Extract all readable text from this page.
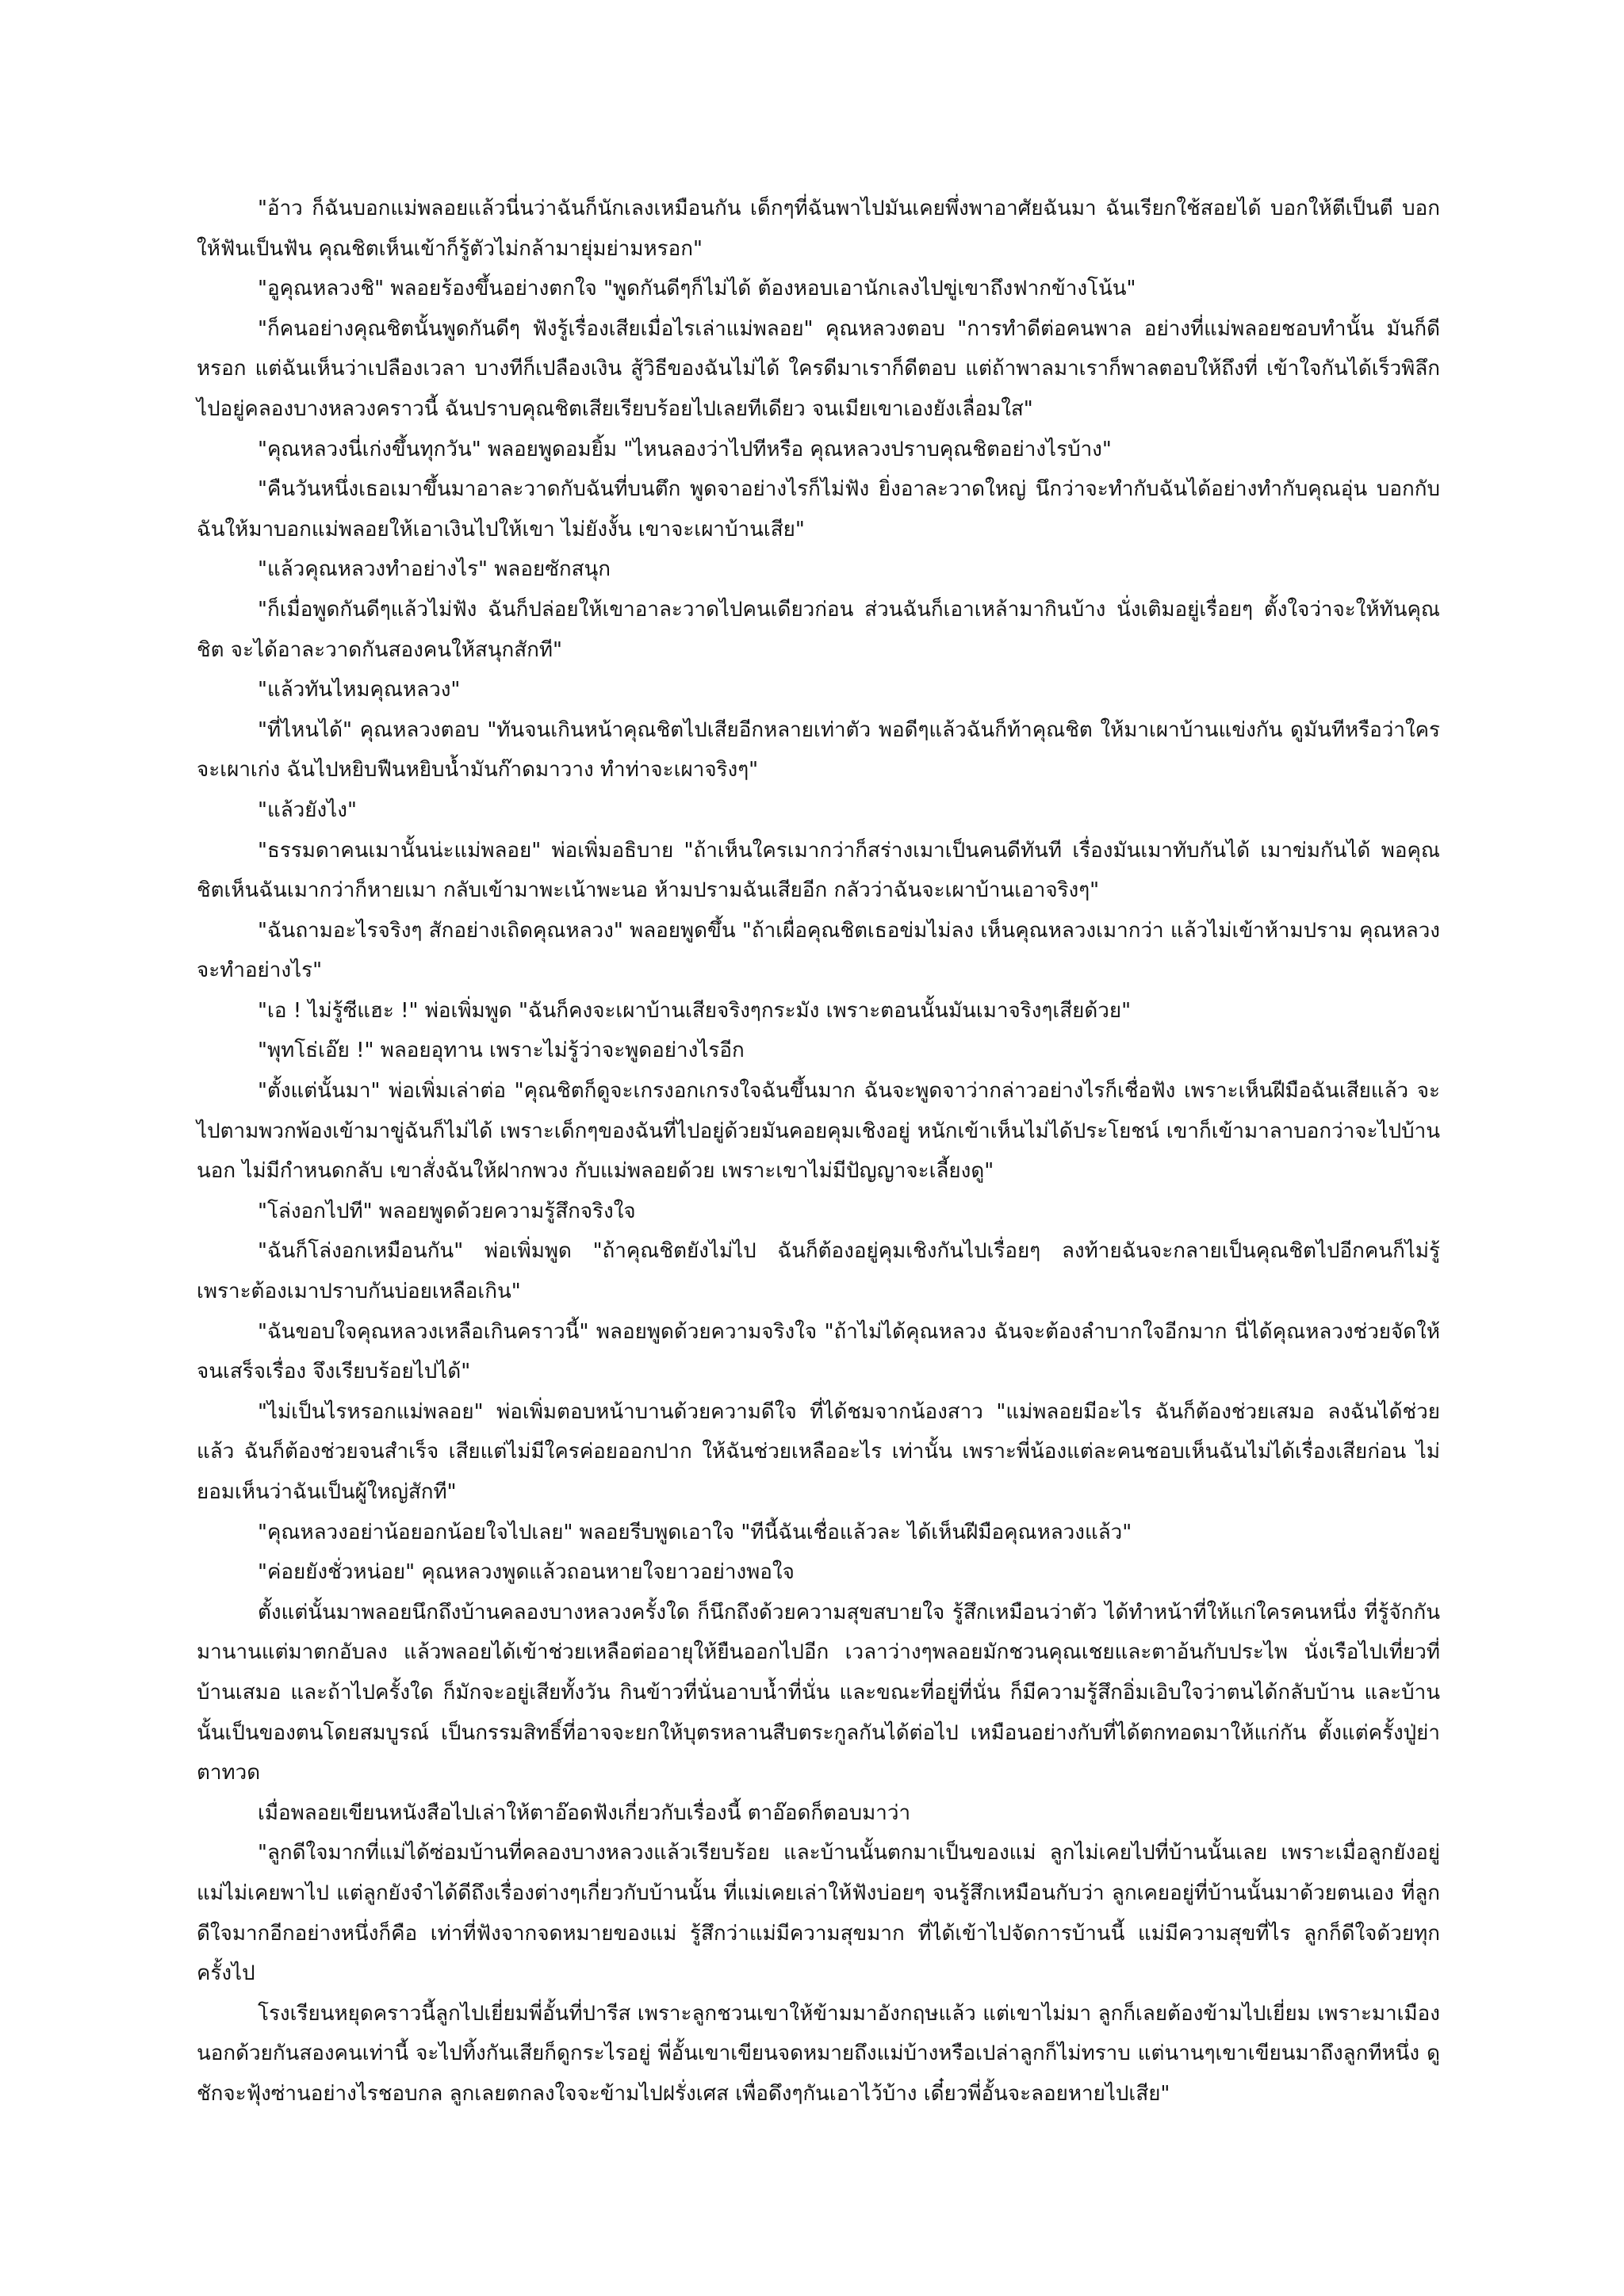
"อ้าว ก็ฉันบอกแม่พลอยแล้วนี่นว่าฉันก็นักเลงเหมือนกัน เด็กๆที่ฉันพาไปมันเคยพึ่งพาอาศัยฉันมา ฉันเรียกใช้สอยได้ บอกให้ตีเป็นตี บอกให้ฟันเป็นฟัน คุณชิตเห็นเข้าก็รู้ตัวไม่กล้ามายุ่มย่ามหรอก"

"อูคุณหลวงชิ" พลอยร้องขึ้นอย่างตกใจ "พูดกันดีๆก็ไม่ได้ ต้องหอบเอานักเลงไปขู่เขาถึงฟากข้างโน้น"

"ก็คนอย่างคุณชิตนั้นพูดกันดีๆ ฟังรู้เรื่องเสียเมื่อไรเล่าแม่พลอย" คุณหลวงตอบ "การทำดีต่อคนพาล อย่างที่แม่พลอยชอบทำนั้น มันก็ดีหรอก แต่ฉันเห็นว่าเปลืองเวลา บางทีก็เปลืองเงิน สู้วิธีของฉันไม่ได้ ใครดีมาเราก็ดีตอบ แต่ถ้าพาลมาเราก็พาลตอบให้ถึงที่ เข้าใจกันได้เร็วพิลึก ไปอยู่คลองบางหลวงคราวนี้ ฉันปราบคุณชิตเสียเรียบร้อยไปเลยทีเดียว จนเมียเขาเองยังเลื่อมใส"

"คุณหลวงนี่เก่งขึ้นทุกวัน" พลอยพูดอมยิ้ม "ไหนลองว่าไปทีหรือ คุณหลวงปราบคุณชิตอย่างไรบ้าง"

"คืนวันหนึ่งเธอเมาขึ้นมาอาละวาดกับฉันที่บนตึก พูดจาอย่างไรก็ไม่ฟัง ยิ่งอาละวาดใหญ่ นึกว่าจะทำกับฉันได้อย่างทำกับคุณอุ่น บอกกับฉันให้มาบอกแม่พลอยให้เอาเงินไปให้เขา ไม่ยังงั้น เขาจะเผาบ้านเสีย"

"แล้วคุณหลวงทำอย่างไร" พลอยซักสนุก

"ก็เมื่อพูดกันดีๆแล้วไม่ฟัง ฉันก็ปล่อยให้เขาอาละวาดไปคนเดียวก่อน ส่วนฉันก็เอาเหล้ามากินบ้าง นั่งเติมอยู่เรื่อยๆ ตั้งใจว่าจะให้ทันคุณชิต จะได้อาละวาดกันสองคนให้สนุกสักที"

"แล้วทันไหมคุณหลวง"

"ที่ไหนได้" คุณหลวงตอบ "ทันจนเกินหน้าคุณชิตไปเสียอีกหลายเท่าตัว พอดีๆแล้วฉันก็ท้าคุณชิต ให้มาเผาบ้านแข่งกัน ดูมันทีหรือว่าใครจะเผาเก่ง ฉันไปหยิบฟืนหยิบน้ำมันก๊าดมาวาง ทำท่าจะเผาจริงๆ"

"แล้วยังไง"

"ธรรมดาคนเมานั้นน่ะแม่พลอย" พ่อเพิ่มอธิบาย "ถ้าเห็นใครเมากว่าก็สร่างเมาเป็นคนดีทันที เรื่องมันเมาทับกันได้ เมาข่มกันได้ พอคุณชิตเห็นฉันเมากว่าก็หายเมา กลับเข้ามาพะเน้าพะนอ ห้ามปรามฉันเสียอีก กลัวว่าฉันจะเผาบ้านเอาจริงๆ"

"ฉันถามอะไรจริงๆ สักอย่างเถิดคุณหลวง" พลอยพูดขึ้น "ถ้าเผื่อคุณชิตเธอข่มไม่ลง เห็นคุณหลวงเมากว่า แล้วไม่เข้าห้ามปราม คุณหลวงจะทำอย่างไร"

"เอ ! ไม่รู้ซีแฮะ !" พ่อเพิ่มพูด "ฉันก็คงจะเผาบ้านเสียจริงๆกระมัง เพราะตอนนั้นมันเมาจริงๆเสียด้วย"

"พุทโธ่เอ๊ย !" พลอยอุทาน เพราะไม่รู้ว่าจะพูดอย่างไรอีก

"ตั้งแต่นั้นมา" พ่อเพิ่มเล่าต่อ "คุณชิตก็ดูจะเกรงอกเกรงใจฉันขึ้นมาก ฉันจะพูดจาว่ากล่าวอย่างไรก็เชื่อฟัง เพราะเห็นฝีมือฉันเสียแล้ว จะไปตามพวกพ้องเข้ามาขู่ฉันก็ไม่ได้ เพราะเด็กๆของฉันที่ไปอยู่ด้วยมันคอยคุมเชิงอยู่ หนักเข้าเห็นไม่ได้ประโยชน์ เขาก็เข้ามาลาบอกว่าจะไปบ้านนอก ไม่มีกำหนดกลับ เขาสั่งฉันให้ฝากพวง กับแม่พลอยด้วย เพราะเขาไม่มีปัญญาจะเลี้ยงดู"

"โล่งอกไปที" พลอยพูดด้วยความรู้สึกจริงใจ

"ฉันก็โล่งอกเหมือนกัน" พ่อเพิ่มพูด "ถ้าคุณชิตยังไม่ไป ฉันก็ต้องอยู่คุมเชิงกันไปเรื่อยๆ ลงท้ายฉันจะกลายเป็นคุณชิตไปอีกคนก็ไม่รู้ เพราะต้องเมาปราบกันบ่อยเหลือเกิน"

"ฉันขอบใจคุณหลวงเหลือเกินคราวนี้" พลอยพูดด้วยความจริงใจ "ถ้าไม่ได้คุณหลวง ฉันจะต้องลำบากใจอีกมาก นี่ได้คุณหลวงช่วยจัดให้จนเสร็จเรื่อง จึงเรียบร้อยไปได้"

"ไม่เป็นไรหรอกแม่พลอย" พ่อเพิ่มตอบหน้าบานด้วยความดีใจ ที่ได้ชมจากน้องสาว "แม่พลอยมีอะไร ฉันก็ต้องช่วยเสมอ ลงฉันได้ช่วยแล้ว ฉันก็ต้องช่วยจนสำเร็จ เสียแต่ไม่มีใครค่อยออกปาก ให้ฉันช่วยเหลืออะไร เท่านั้น เพราะพี่น้องแต่ละคนชอบเห็นฉันไม่ได้เรื่องเสียก่อน ไม่ยอมเห็นว่าฉันเป็นผู้ใหญ่สักที"

"คุณหลวงอย่าน้อยอกน้อยใจไปเลย" พลอยรีบพูดเอาใจ "ทีนี้ฉันเชื่อแล้วละ ได้เห็นฝีมือคุณหลวงแล้ว"

"ค่อยยังชั่วหน่อย" คุณหลวงพูดแล้วถอนหายใจยาวอย่างพอใจ

ตั้งแต่นั้นมาพลอยนึกถึงบ้านคลองบางหลวงครั้งใด ก็นึกถึงด้วยความสุขสบายใจ รู้สึกเหมือนว่าตัว ได้ทำหน้าที่ให้แก่ใครคนหนึ่ง ที่รู้จักกันมานานแต่มาตกอับลง แล้วพลอยได้เข้าช่วยเหลือต่ออายุให้ยืนออกไปอีก เวลาว่างๆพลอยมักชวนคุณเชยและตาอ้นกับประไพ นั่งเรือไปเที่ยวที่บ้านเสมอ และถ้าไปครั้งใด ก็มักจะอยู่เสียทั้งวัน กินข้าวที่นั่นอาบน้ำที่นั่น และขณะที่อยู่ที่นั่น ก็มีความรู้สึกอิ่มเอิบใจว่าตนได้กลับบ้าน และบ้านนั้นเป็นของตนโดยสมบูรณ์ เป็นกรรมสิทธิ์ที่อาจจะยกให้บุตรหลานสืบตระกูลกันได้ต่อไป เหมือนอย่างกับที่ได้ตกทอดมาให้แก่กัน ตั้งแต่ครั้งปู่ย่าตาทวด

เมื่อพลอยเขียนหนังสือไปเล่าให้ตาอ๊อดฟังเกี่ยวกับเรื่องนี้ ตาอ๊อดก็ตอบมาว่า

"ลูกดีใจมากที่แม่ได้ซ่อมบ้านที่คลองบางหลวงแล้วเรียบร้อย และบ้านนั้นตกมาเป็นของแม่ ลูกไม่เคยไปที่บ้านนั้นเลย เพราะเมื่อลูกยังอยู่แม่ไม่เคยพาไป แต่ลูกยังจำได้ดีถึงเรื่องต่างๆเกี่ยวกับบ้านนั้น ที่แม่เคยเล่าให้ฟังบ่อยๆ จนรู้สึกเหมือนกับว่า ลูกเคยอยู่ที่บ้านนั้นมาด้วยตนเอง ที่ลูกดีใจมากอีกอย่างหนึ่งก็คือ เท่าที่ฟังจากจดหมายของแม่ รู้สึกว่าแม่มีความสุขมาก ที่ได้เข้าไปจัดการบ้านนี้ แม่มีความสุขที่ไร ลูกก็ดีใจด้วยทุกครั้งไป

โรงเรียนหยุดคราวนี้ลูกไปเยี่ยมพี่อั้นที่ปารีส เพราะลูกชวนเขาให้ข้ามมาอังกฤษแล้ว แต่เขาไม่มา ลูกก็เลยต้องข้ามไปเยี่ยม เพราะมาเมืองนอกด้วยกันสองคนเท่านี้ จะไปทิ้งกันเสียก็ดูกระไรอยู่ พี่อั้นเขาเขียนจดหมายถึงแม่บ้างหรือเปล่าลูกก็ไม่ทราบ แต่นานๆเขาเขียนมาถึงลูกทีหนึ่ง ดูชักจะฟุ้งซ่านอย่างไรชอบกล ลูกเลยตกลงใจจะข้ามไปฝรั่งเศส เพื่อดึงๆกันเอาไว้บ้าง เดี๋ยวพี่อั้นจะลอยหายไปเสีย"
